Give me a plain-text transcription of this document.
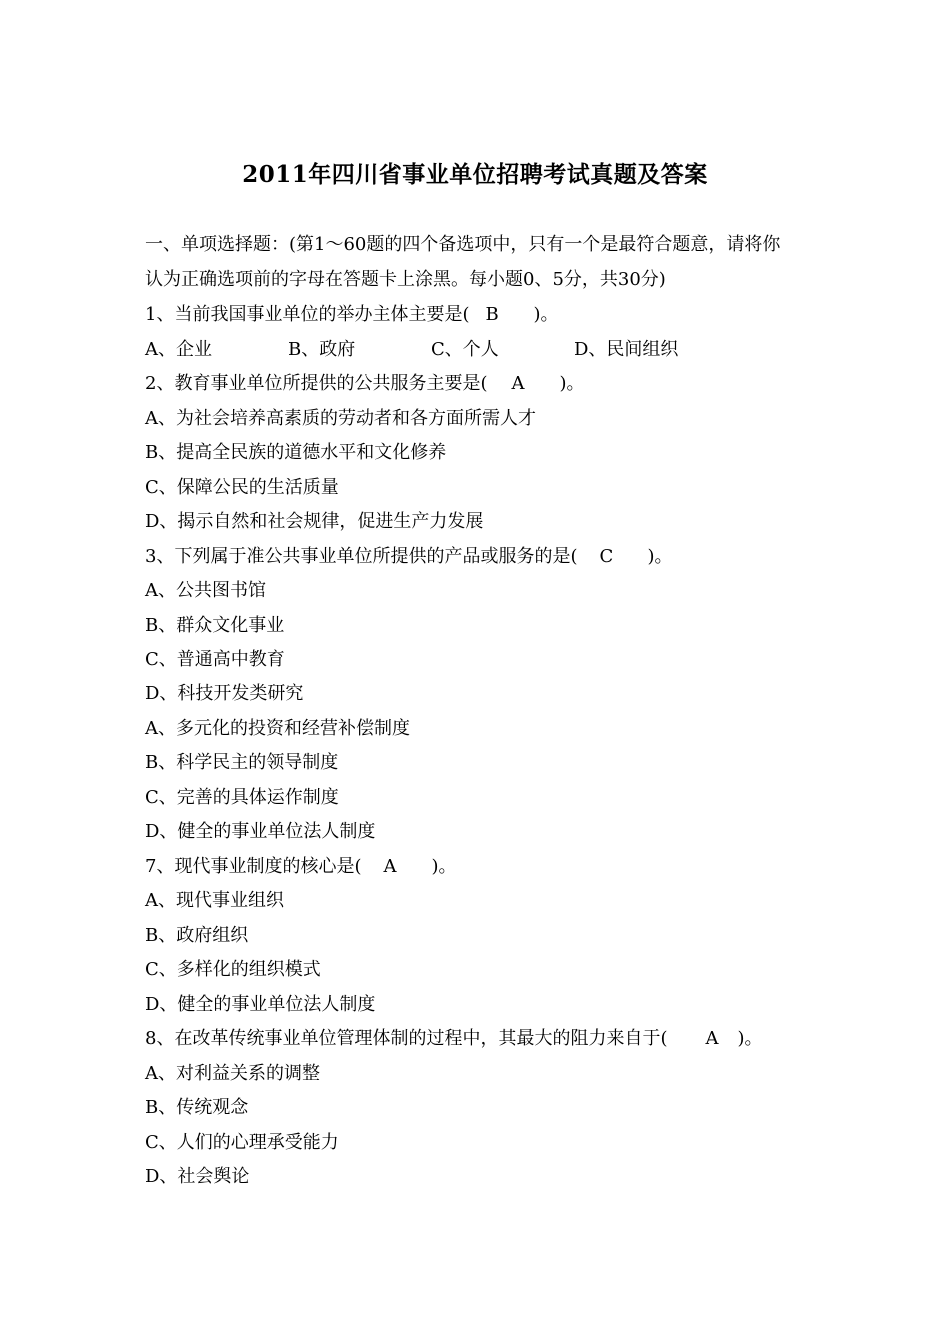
2011年四川省事业单位招聘考试真题及答案
一、单项选择题：(第1～60题的四个备选项中，只有一个是最符合题意，请将你
认为正确选项前的字母在答题卡上涂黑。每小题0、5分，共30分)
1、当前我国事业单位的举办主体主要是( B )。
A、企业	B、政府	C、个人	D、民间组织
2、教育事业单位所提供的公共服务主要是( A )。
A、为社会培养高素质的劳动者和各方面所需人才
B、提高全民族的道德水平和文化修养
C、保障公民的生活质量
D、揭示自然和社会规律，促进生产力发展
3、下列属于准公共事业单位所提供的产品或服务的是( C )。
A、公共图书馆
B、群众文化事业
C、普通高中教育
D、科技开发类研究
A、多元化的投资和经营补偿制度
B、科学民主的领导制度
C、完善的具体运作制度
D、健全的事业单位法人制度
7、现代事业制度的核心是( A )。
A、现代事业组织
B、政府组织
C、多样化的组织模式
D、健全的事业单位法人制度
8、在改革传统事业单位管理体制的过程中，其最大的阻力来自于( A )。
A、对利益关系的调整
B、传统观念
C、人们的心理承受能力
D、社会舆论
